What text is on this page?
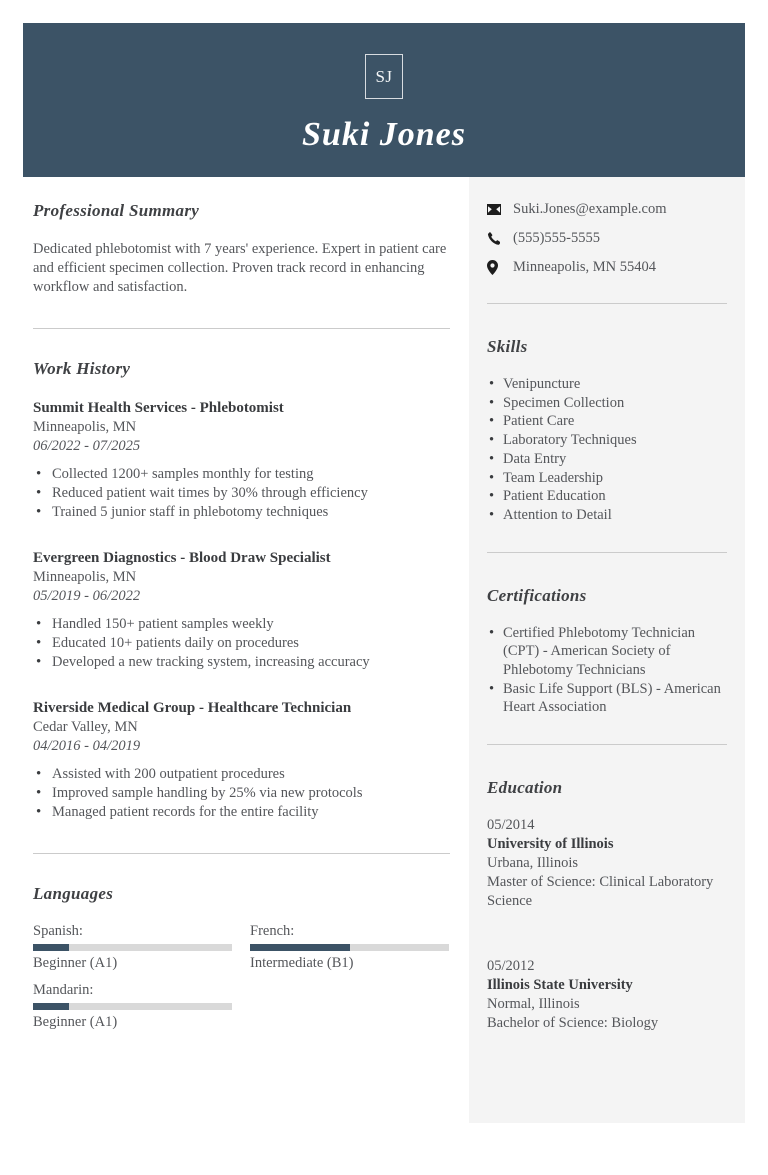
SJ
Suki Jones
Professional Summary
Dedicated phlebotomist with 7 years' experience. Expert in patient care and efficient specimen collection. Proven track record in enhancing workflow and satisfaction.
Work History
Summit Health Services - Phlebotomist
Minneapolis, MN
06/2022 - 07/2025
• Collected 1200+ samples monthly for testing
• Reduced patient wait times by 30% through efficiency
• Trained 5 junior staff in phlebotomy techniques
Evergreen Diagnostics - Blood Draw Specialist
Minneapolis, MN
05/2019 - 06/2022
• Handled 150+ patient samples weekly
• Educated 10+ patients daily on procedures
• Developed a new tracking system, increasing accuracy
Riverside Medical Group - Healthcare Technician
Cedar Valley, MN
04/2016 - 04/2019
• Assisted with 200 outpatient procedures
• Improved sample handling by 25% via new protocols
• Managed patient records for the entire facility
Languages
Spanish:
Beginner (A1)
French:
Intermediate (B1)
Mandarin:
Beginner (A1)
Suki.Jones@example.com
(555)555-5555
Minneapolis, MN 55404
Skills
• Venipuncture
• Specimen Collection
• Patient Care
• Laboratory Techniques
• Data Entry
• Team Leadership
• Patient Education
• Attention to Detail
Certifications
• Certified Phlebotomy Technician (CPT) - American Society of Phlebotomy Technicians
• Basic Life Support (BLS) - American Heart Association
Education
05/2014
University of Illinois
Urbana, Illinois
Master of Science: Clinical Laboratory Science
05/2012
Illinois State University
Normal, Illinois
Bachelor of Science: Biology
